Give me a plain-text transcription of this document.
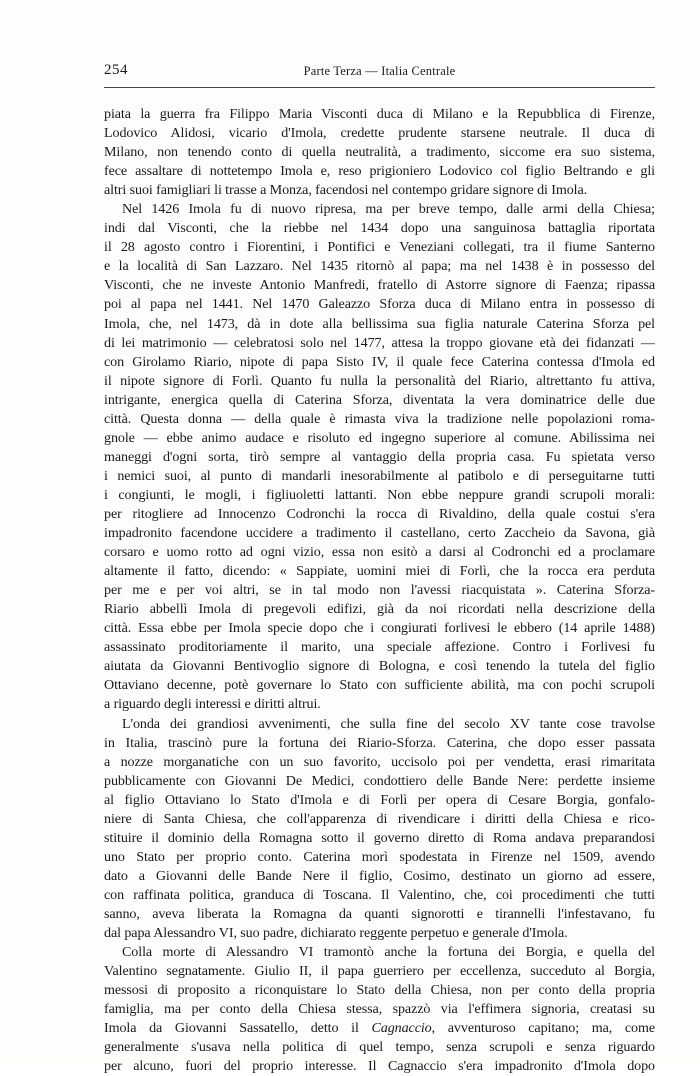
254	Parte Terza — Italia Centrale
piata la guerra fra Filippo Maria Visconti duca di Milano e la Repubblica di Firenze,
Lodovico Alidosi, vicario d'Imola, credette prudente starsene neutrale. Il duca di
Milano, non tenendo conto di quella neutralità, a tradimento, siccome era suo sistema,
fece assaltare di nottetempo Imola e, reso prigioniero Lodovico col figlio Beltrando e gli
altri suoi famigliari li trasse a Monza, facendosi nel contempo gridare signore di Imola.
Nel 1426 Imola fu di nuovo ripresa, ma per breve tempo, dalle armi della Chiesa;
indi dal Visconti, che la riebbe nel 1434 dopo una sanguinosa battaglia riportata
il 28 agosto contro i Fiorentini, i Pontifici e Veneziani collegati, tra il fiume Santerno
e la località di San Lazzaro. Nel 1435 ritornò al papa; ma nel 1438 è in possesso del
Visconti, che ne investe Antonio Manfredi, fratello di Astorre signore di Faenza; ripassa
poi al papa nel 1441. Nel 1470 Galeazzo Sforza duca di Milano entra in possesso di
Imola, che, nel 1473, dà in dote alla bellissima sua figlia naturale Caterina Sforza pel
di lei matrimonio — celebratosi solo nel 1477, attesa la troppo giovane età dei fidanzati —
con Girolamo Riario, nipote di papa Sisto IV, il quale fece Caterina contessa d'Imola ed
il nipote signore di Forlì. Quanto fu nulla la personalità del Riario, altrettanto fu attiva,
intrigante, energica quella di Caterina Sforza, diventata la vera dominatrice delle due
città. Questa donna — della quale è rimasta viva la tradizione nelle popolazioni roma-
gnole — ebbe animo audace e risoluto ed ingegno superiore al comune. Abilissima nei
maneggi d'ogni sorta, tirò sempre al vantaggio della propria casa. Fu spietata verso
i nemici suoi, al punto di mandarli inesorabilmente al patibolo e di perseguitarne tutti
i congiunti, le mogli, i figliuoletti lattanti. Non ebbe neppure grandi scrupoli morali:
per ritogliere ad Innocenzo Codronchi la rocca di Rivaldino, della quale costui s'era
impadronito facendone uccidere a tradimento il castellano, certo Zaccheio da Savona, già
corsaro e uomo rotto ad ogni vizio, essa non esitò a darsi al Codronchi ed a proclamare
altamente il fatto, dicendo: « Sappiate, uomini miei di Forlì, che la rocca era perduta
per me e per voi altri, se in tal modo non l'avessi riacquistata ». Caterina Sforza-
Riario abbellì Imola di pregevoli edifizi, già da noi ricordati nella descrizione della
città. Essa ebbe per Imola specie dopo che i congiurati forlivesi le ebbero (14 aprile 1488)
assassinato proditoriamente il marito, una speciale affezione. Contro i Forlivesi fu
aiutata da Giovanni Bentivoglio signore di Bologna, e così tenendo la tutela del figlio
Ottaviano decenne, potè governare lo Stato con sufficiente abilità, ma con pochi scrupoli
a riguardo degli interessi e diritti altrui.
L'onda dei grandiosi avvenimenti, che sulla fine del secolo XV tante cose travolse
in Italia, trascinò pure la fortuna dei Riario-Sforza. Caterina, che dopo esser passata
a nozze morganatiche con un suo favorito, uccisolo poi per vendetta, erasi rimaritata
pubblicamente con Giovanni De Medici, condottiero delle Bande Nere: perdette insieme
al figlio Ottaviano lo Stato d'Imola e di Forlì per opera di Cesare Borgia, gonfalo-
niere di Santa Chiesa, che coll'apparenza di rivendicare i diritti della Chiesa e rico-
stituire il dominio della Romagna sotto il governo diretto di Roma andava preparandosi
uno Stato per proprio conto. Caterina morì spodestata in Firenze nel 1509, avendo
dato a Giovanni delle Bande Nere il figlio, Cosimo, destinato un giorno ad essere,
con raffinata politica, granduca di Toscana. Il Valentino, che, coi procedimenti che tutti
sanno, aveva liberata la Romagna da quanti signorotti e tirannelli l'infestavano, fu
dal papa Alessandro VI, suo padre, dichiarato reggente perpetuo e generale d'Imola.
Colla morte di Alessandro VI tramontò anche la fortuna dei Borgia, e quella del
Valentino segnatamente. Giulio II, il papa guerriero per eccellenza, succeduto al Borgia,
messosi di proposito a riconquistare lo Stato della Chiesa, non per conto della propria
famiglia, ma per conto della Chiesa stessa, spazzò via l'effimera signoria, creatasi su
Imola da Giovanni Sassatello, detto il Cagnaccio, avventuroso capitano; ma, come
generalmente s'usava nella politica di quel tempo, senza scrupoli e senza riguardo
per alcuno, fuori del proprio interesse. Il Cagnaccio s'era impadronito d'Imola dopo
